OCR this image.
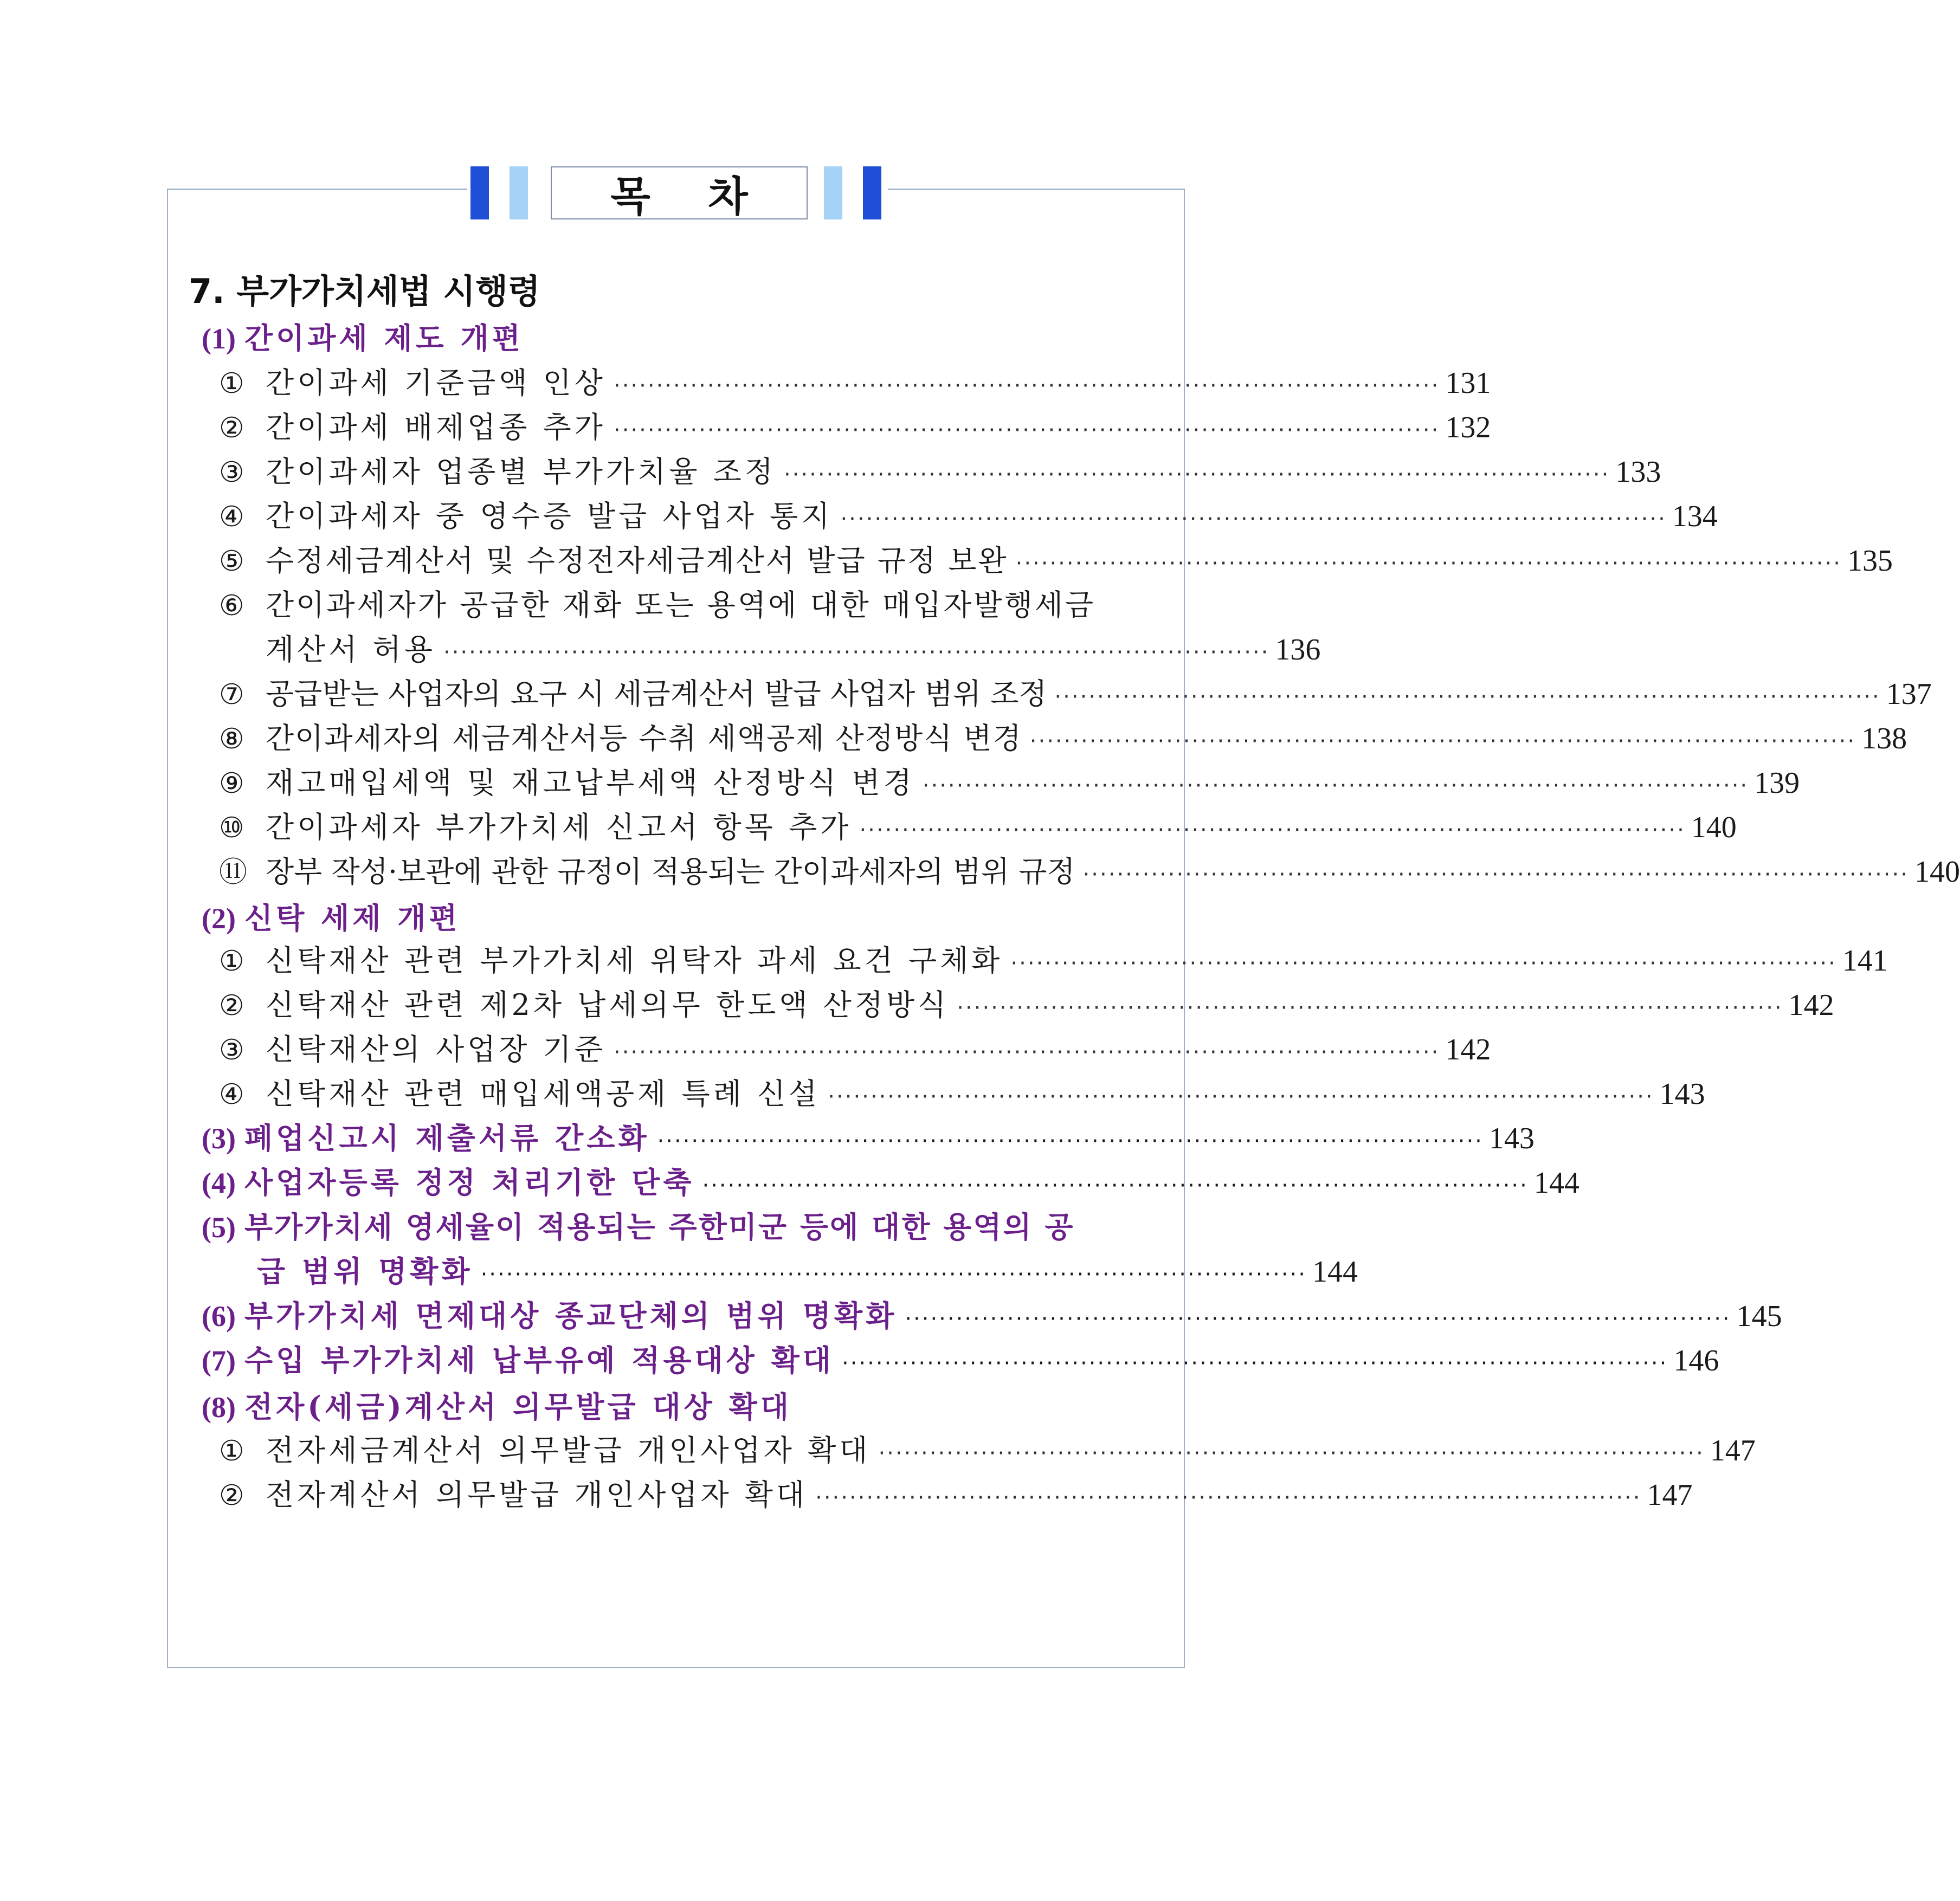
목 차
7. 부가가치세법 시행령
(1) 간이과세 제도 개편
① 간이과세 기준금액 인상 ································································································· 131
② 간이과세 배제업종 추가 ································································································· 132
③ 간이과세자 업종별 부가가치율 조정 ································································································· 133
④ 간이과세자 중 영수증 발급 사업자 통지 ································································································· 134
⑤ 수정세금계산서 및 수정전자세금계산서 발급 규정 보완 ································································································· 135
⑥ 간이과세자가 공급한 재화 또는 용역에 대한 매입자발행세금
계산서 허용 ································································································· 136
⑦ 공급받는 사업자의 요구 시 세금계산서 발급 사업자 범위 조정 ································································································· 137
⑧ 간이과세자의 세금계산서등 수취 세액공제 산정방식 변경 ································································································· 138
⑨ 재고매입세액 및 재고납부세액 산정방식 변경 ································································································· 139
⑩ 간이과세자 부가가치세 신고서 항목 추가 ································································································· 140
⑪ 장부 작성·보관에 관한 규정이 적용되는 간이과세자의 범위 규정 ································································································· 140
(2) 신탁 세제 개편
① 신탁재산 관련 부가가치세 위탁자 과세 요건 구체화 ································································································· 141
② 신탁재산 관련 제2차 납세의무 한도액 산정방식 ································································································· 142
③ 신탁재산의 사업장 기준 ································································································· 142
④ 신탁재산 관련 매입세액공제 특례 신설 ································································································· 143
(3) 폐업신고시 제출서류 간소화 ································································································· 143
(4) 사업자등록 정정 처리기한 단축 ································································································· 144
(5) 부가가치세 영세율이 적용되는 주한미군 등에 대한 용역의 공
급 범위 명확화 ································································································· 144
(6) 부가가치세 면제대상 종교단체의 범위 명확화 ································································································· 145
(7) 수입 부가가치세 납부유예 적용대상 확대 ································································································· 146
(8) 전자(세금)계산서 의무발급 대상 확대
① 전자세금계산서 의무발급 개인사업자 확대 ································································································· 147
② 전자계산서 의무발급 개인사업자 확대 ································································································· 147
